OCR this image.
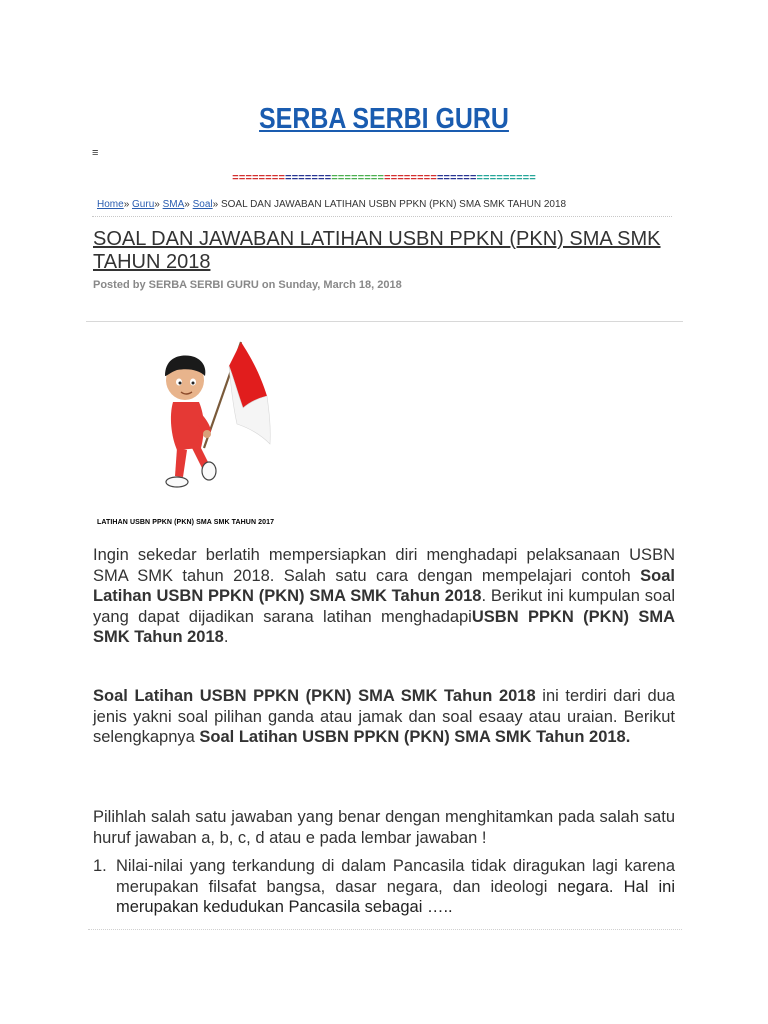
SERBA SERBI GURU
≡
==============================================
Home» Guru» SMA» Soal» SOAL DAN JAWABAN LATIHAN USBN PPKN (PKN) SMA SMK TAHUN 2018
SOAL DAN JAWABAN LATIHAN USBN PPKN (PKN) SMA SMK TAHUN 2018
Posted by SERBA SERBI GURU on Sunday, March 18, 2018
LATIHAN USBN PPKN (PKN) SMA SMK TAHUN 2017

Ingin sekedar berlatih mempersiapkan diri menghadapi pelaksanaan USBN SMA SMK tahun 2018. Salah satu cara dengan mempelajari contoh Soal Latihan USBN PPKN (PKN) SMA SMK Tahun 2018. Berikut ini kumpulan soal yang dapat dijadikan sarana latihan menghadapiUSBN PPKN (PKN) SMA SMK Tahun 2018.

Soal Latihan USBN PPKN (PKN) SMA SMK Tahun 2018 ini terdiri dari dua jenis yakni soal pilihan ganda atau jamak dan soal esaay atau uraian. Berikut selengkapnya Soal Latihan USBN PPKN (PKN) SMA SMK Tahun 2018.

Pilihlah salah satu jawaban yang benar dengan menghitamkan pada salah satu huruf jawaban a, b, c, d atau e pada lembar jawaban !

1. Nilai-nilai yang terkandung di dalam Pancasila tidak diragukan lagi karena merupakan filsafat bangsa, dasar negara, dan ideologi negara. Hal ini merupakan kedudukan Pancasila sebagai …..
